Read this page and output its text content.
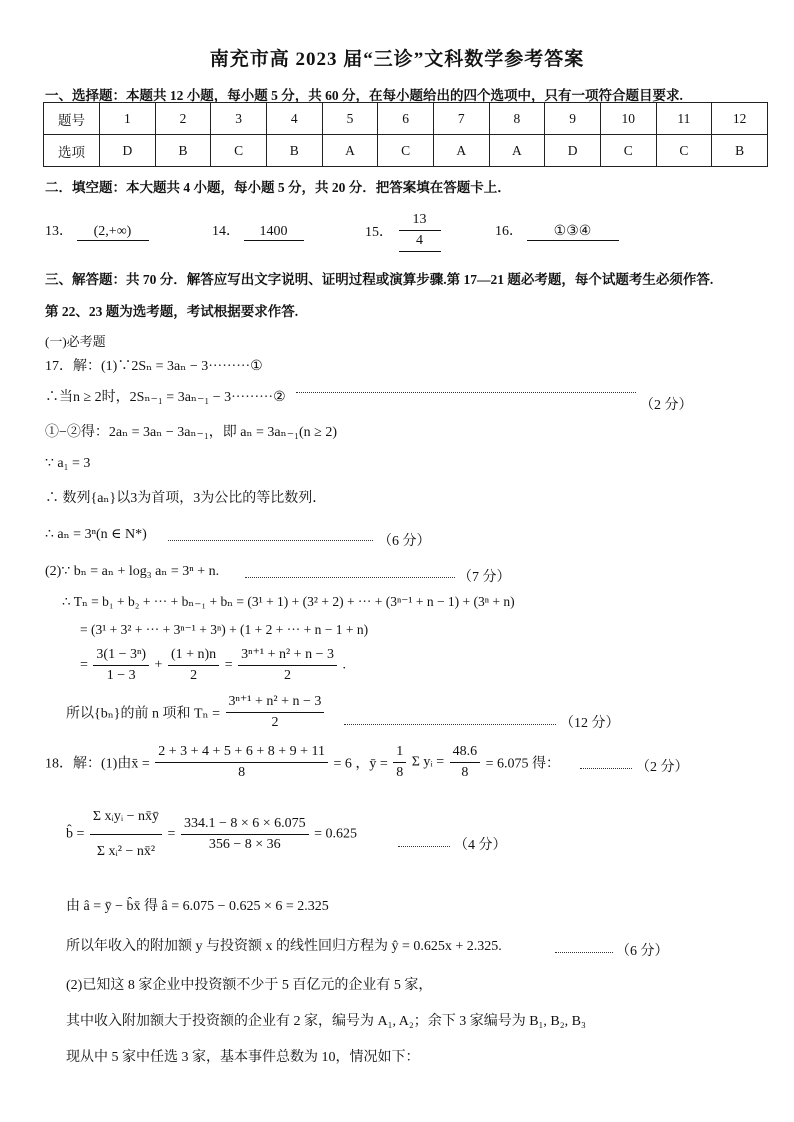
南充市高 2023 届“三诊”文科数学参考答案
一、选择题：本题共 12 小题，每小题 5 分，共 60 分，在每小题给出的四个选项中，只有一项符合题目要求.
题号	1	2	3	4	5	6	7	8	9	10	11	12
选项	D	B	C	B	A	C	A	A	D	C	C	B
二．填空题：本大题共 4 小题，每小题 5 分，共 20 分．把答案填在答题卡上．
13． (2,+∞)	14． 1400	15． $\frac{13}{4}$	16． ①③④
三、解答题：共 70 分．解答应写出文字说明、证明过程或演算步骤.第 17—21 题必考题，每个试题考生必须作答.
第 22、23 题为选考题，考试根据要求作答.
(一)必考题
17．解：(1)∵2Sₙ = 3aₙ − 3·········①
∴当n ≥ 2时，2Sₙ₋₁ = 3aₙ₋₁ − 3·········②
（2 分）
①−②得：2aₙ = 3aₙ − 3aₙ₋₁，即 aₙ = 3aₙ₋₁(n ≥ 2)
∵ a₁ = 3
∴ 数列{aₙ}以3为首项，3为公比的等比数列．
∴ aₙ = 3ⁿ(n ∈ N*)	（6 分）
(2)∵ bₙ = aₙ + log₃ aₙ = 3ⁿ + n.	（7 分）
∴ Tₙ = b₁ + b₂ + ··· + bₙ₋₁ + bₙ = (3¹ + 1) + (3² + 2) + ··· + (3ⁿ⁻¹ + n − 1) + (3ⁿ + n)
= (3¹ + 3² + ··· + 3ⁿ⁻¹ + 3ⁿ) + (1 + 2 + ··· + n − 1 + n)
= $\frac{\text{3(1 − 3ⁿ)}}{1 - 3} + \frac{(1 + n)n}{2} = \frac{\text{3ⁿ⁺¹ + n² + n − 3}}{2}$ .
所以{bₙ}的前 n 项和 $T_n = \frac{\text{3ⁿ⁺¹ + n² + n − 3}}{2}$	（12 分）
18．解：(1)由x̄ = $\frac{2 + 3 + 4 + 5 + 6 + 8 + 9 + 11}{8} = 6$ ，ȳ = $\frac{1}{8}$ Σ yᵢ = $\frac{48.6}{8} = 6.075$ 得：	（2 分）
b̂ = $\frac{\text{Σ xᵢyᵢ − nx̄ȳ}}{\text{Σ xᵢ² − nx̄²}} = \frac{334.1 - 8 \times 6 \times 6.075}{356 - 8 \times 36} = 0.625$
（4 分）
由 â = ȳ − b̂x̄ 得 â = 6.075 − 0.625 × 6 = 2.325
所以年收入的附加额 y 与投资额 x 的线性回归方程为 ŷ = 0.625x + 2.325.	（6 分）
(2)已知这 8 家企业中投资额不少于 5 百亿元的企业有 5 家，
其中收入附加额大于投资额的企业有 2 家，编号为 A₁, A₂；余下 3 家编号为 B₁, B₂, B₃
现从中 5 家中任选 3 家，基本事件总数为 10，情况如下：
